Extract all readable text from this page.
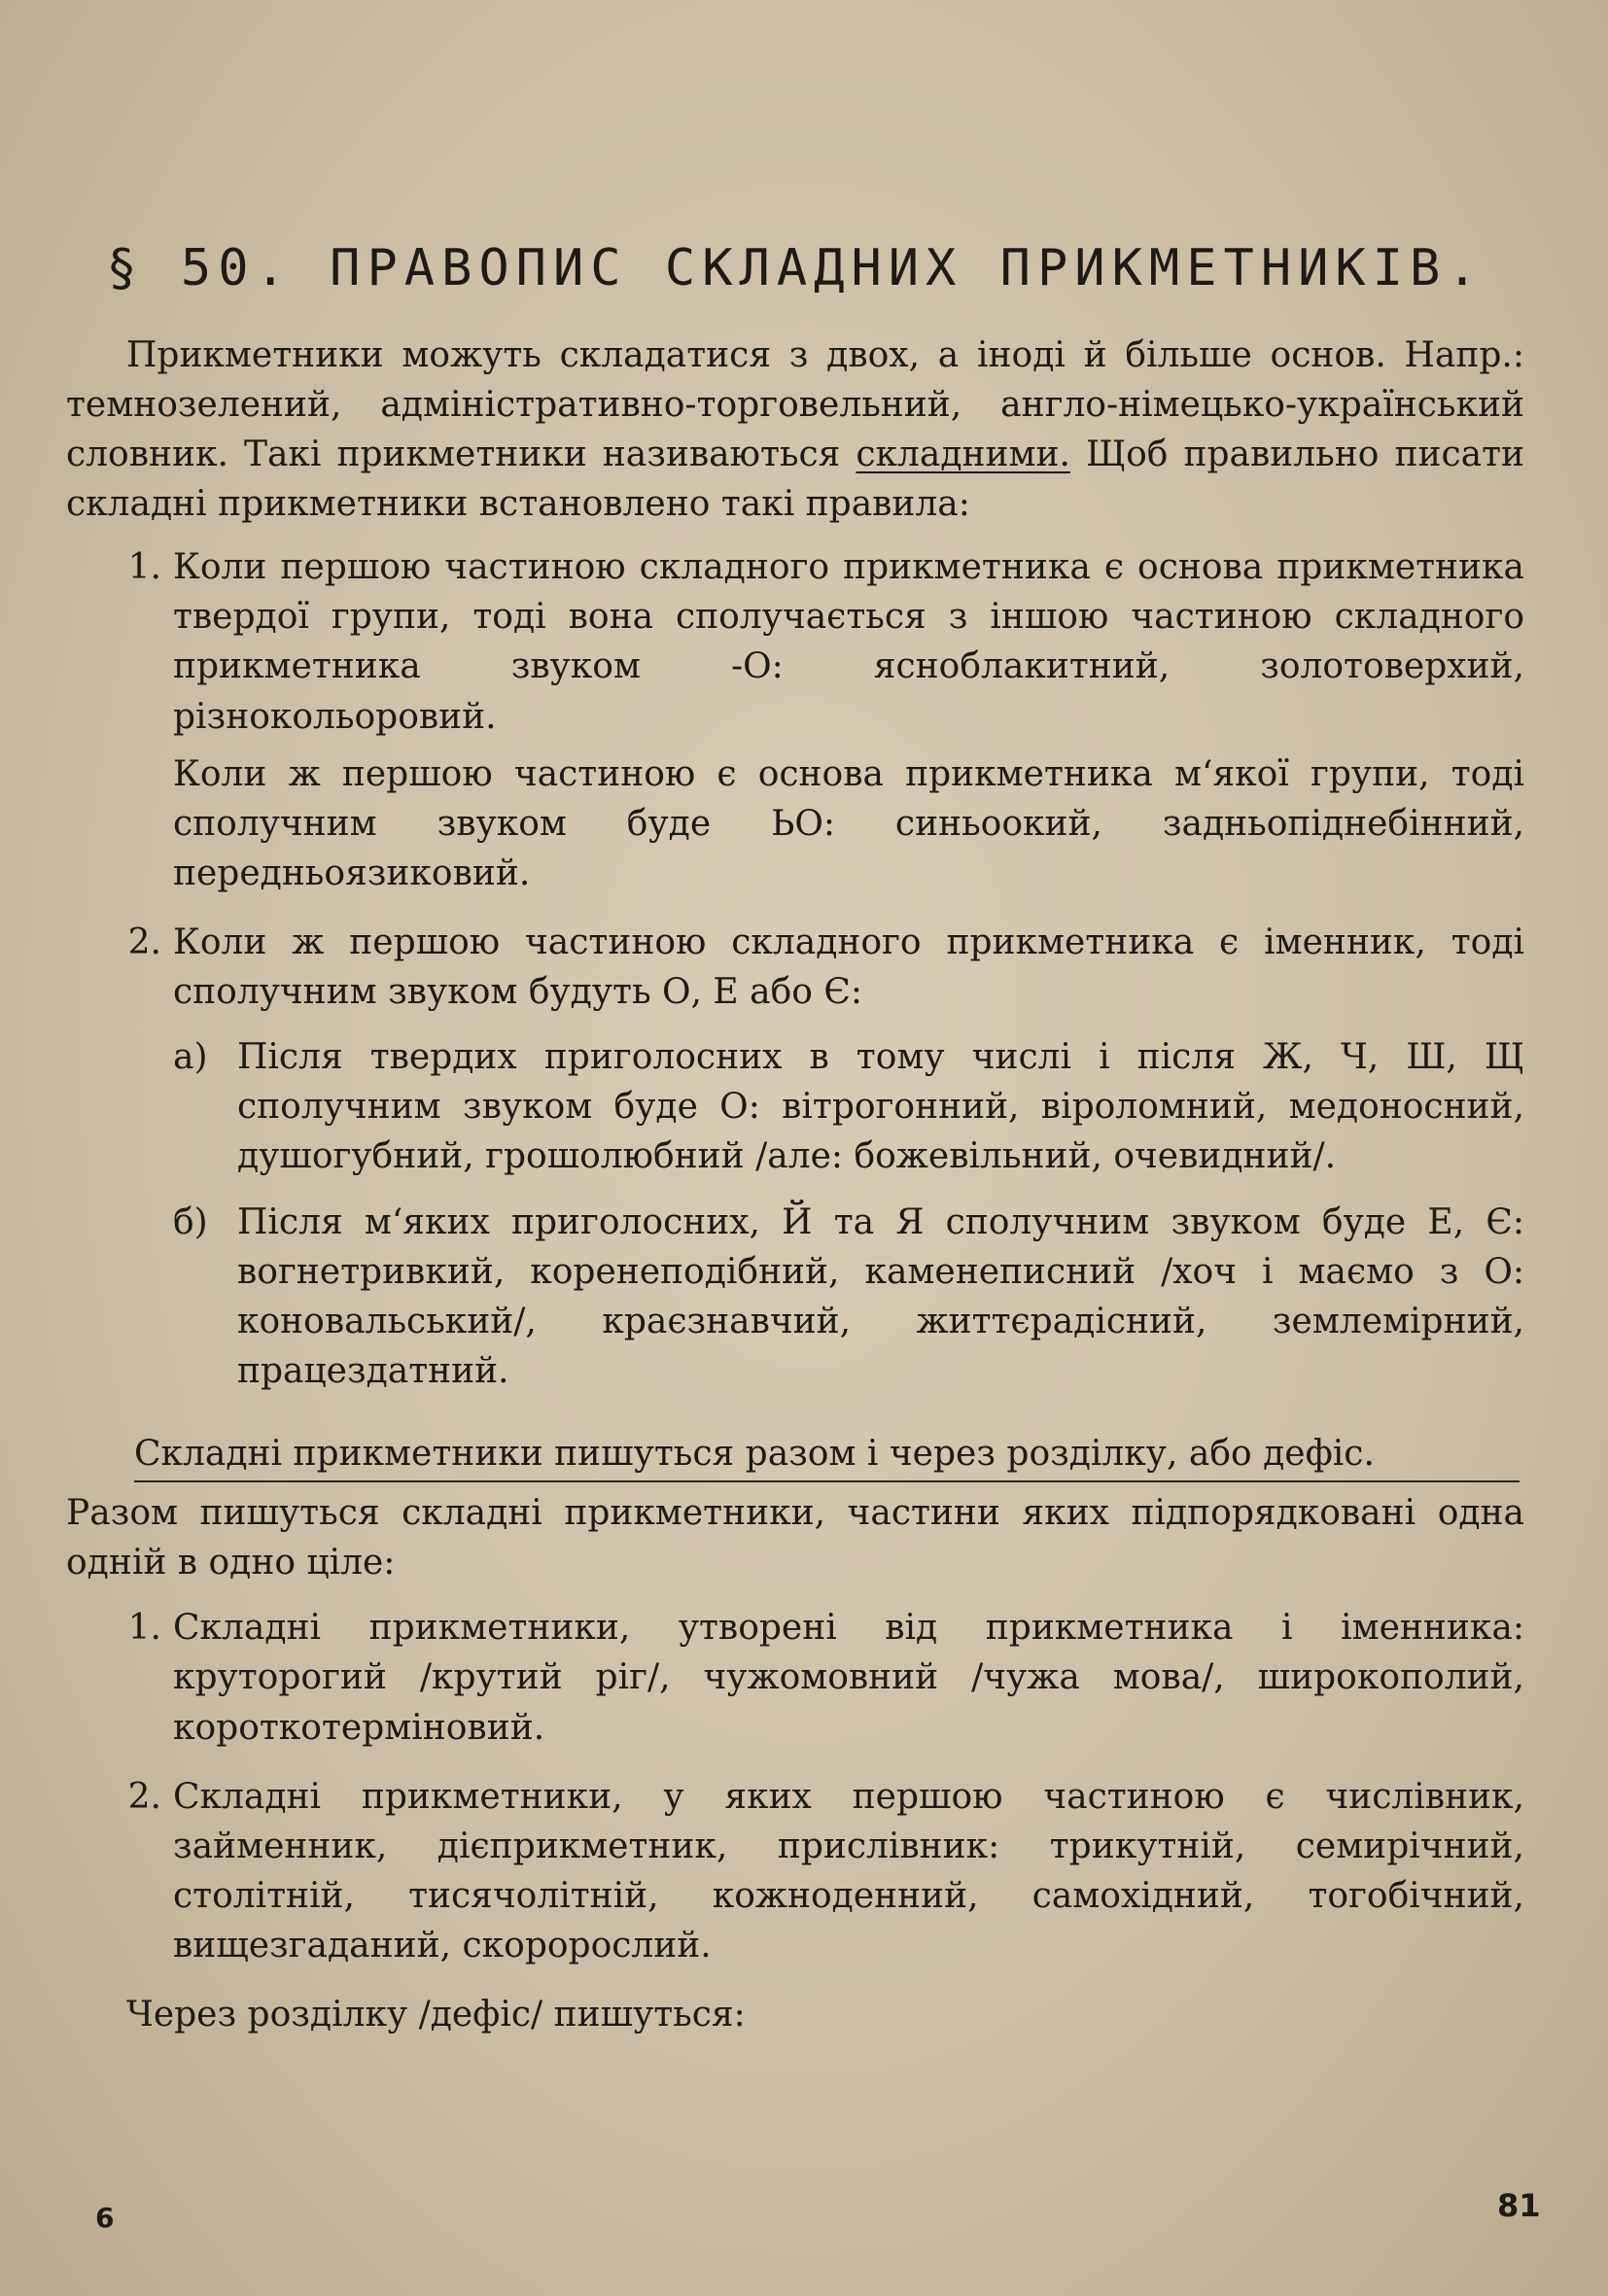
§ 50. ПРАВОПИС СКЛАДНИХ ПРИКМЕТНИКІВ.

Прикметники можуть складатися з двох, а іноді й більше основ. Напр.: темнозелений, адміністративно-торговельний, англо-німецько-український словник. Такі прикметники називаються складними. Щоб правильно писати складні прикметники встановлено такі правила:

1. Коли першою частиною складного прикметника є основа прикметника твердої групи, тоді вона сполучається з іншою частиною складного прикметника звуком -О: ясноблакитний, золотоверхий, різнокольоровий.

Коли ж першою частиною є основа прикметника м‘якої групи, тоді сполучним звуком буде ЬО: синьоокий, задньопіднебінний, передньоязиковий.

2. Коли ж першою частиною складного прикметника є іменник, тоді сполучним звуком будуть О, Е або Є:

а) Після твердих приголосних в тому числі і після Ж, Ч, Ш, Щ сполучним звуком буде О: вітрогонний, віроломний, медоносний, душогубний, грошолюбний /але: божевільний, очевидний/.
б) Після м‘яких приголосних, Й та Я сполучним звуком буде Е, Є: вогнетривкий, коренеподібний, каменеписний /хоч і маємо з О: коновальський/, краєзнавчий, життєрадісний, землемірний, працездатний.
Складні прикметники пишуться разом і через розділку, або дефіс.

Разом пишуться складні прикметники, частини яких підпорядковані одна одній в одно ціле:

1. Складні прикметники, утворені від прикметника і іменника: круторогий /крутий ріг/, чужомовний /чужа мова/, широкополий, короткотерміновий.
2. Складні прикметники, у яких першою частиною є числівник, займенник, дієприкметник, прислівник: трикутній, семирічний, столітній, тисячолітній, кожноденний, самохідний, тогобічний, вищезгаданий, скоророслий.

Через розділку /дефіс/ пишуться:

6	81
